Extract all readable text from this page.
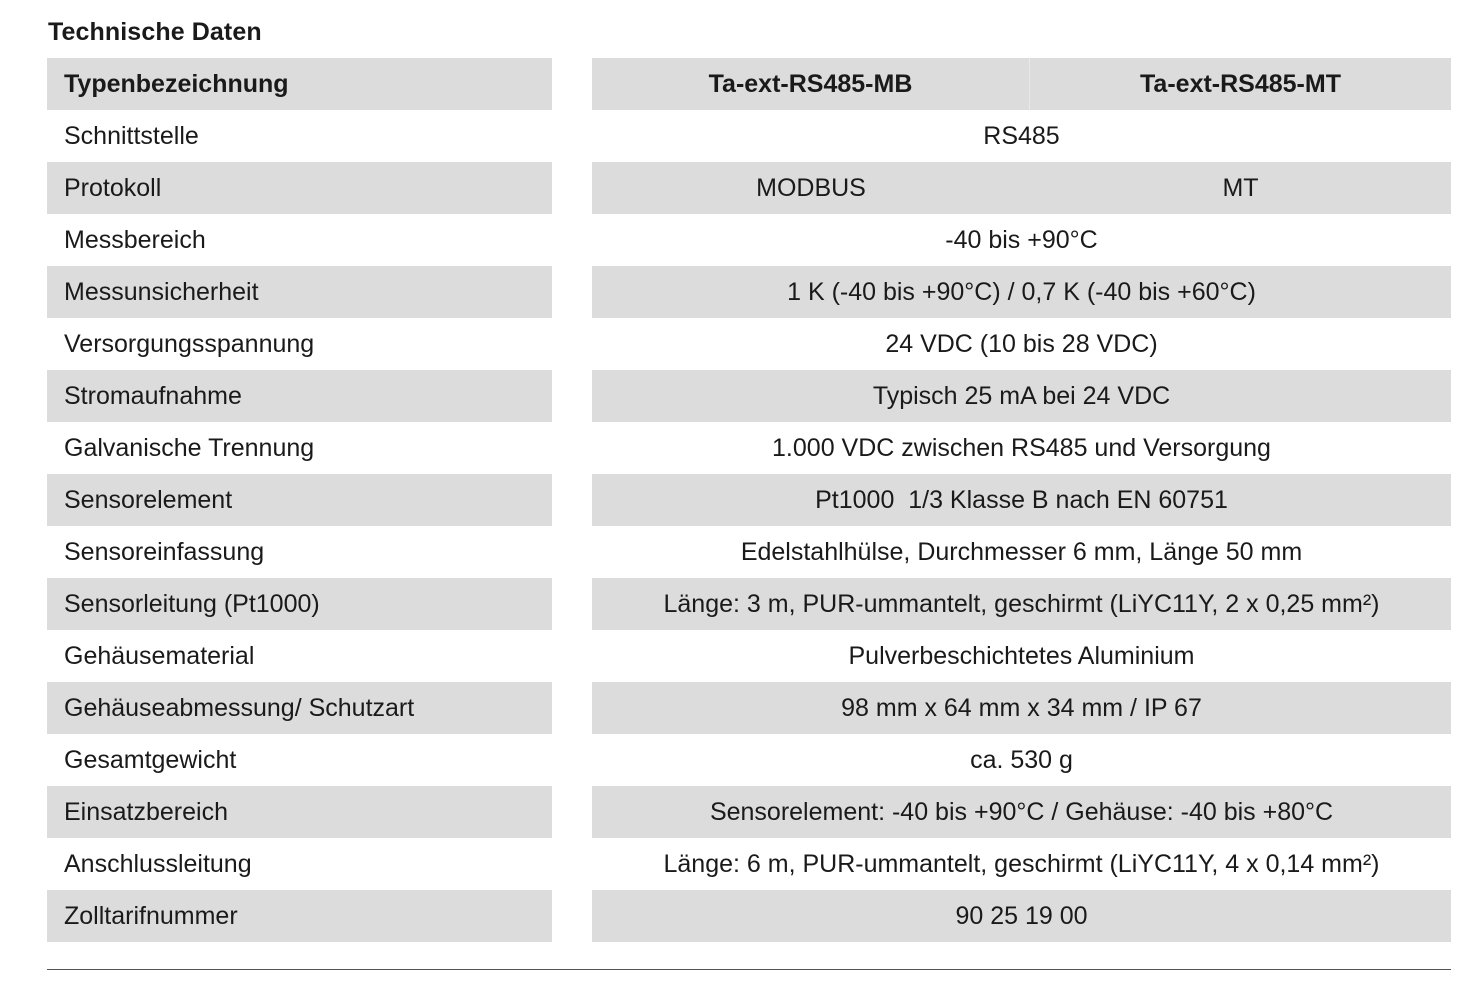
Technische Daten
Typenbezeichnung	Ta-ext-RS485-MB	Ta-ext-RS485-MT
Schnittstelle	RS485
Protokoll	MODBUS	MT
Messbereich	-40 bis +90°C
Messunsicherheit	1 K (-40 bis +90°C) / 0,7 K (-40 bis +60°C)
Versorgungsspannung	24 VDC (10 bis 28 VDC)
Stromaufnahme	Typisch 25 mA bei 24 VDC
Galvanische Trennung	1.000 VDC zwischen RS485 und Versorgung
Sensorelement	Pt1000  1/3 Klasse B nach EN 60751
Sensoreinfassung	Edelstahlhülse, Durchmesser 6 mm, Länge 50 mm
Sensorleitung (Pt1000)	Länge: 3 m, PUR-ummantelt, geschirmt (LiYC11Y, 2 x 0,25 mm²)
Gehäusematerial	Pulverbeschichtetes Aluminium
Gehäuseabmessung/ Schutzart	98 mm x 64 mm x 34 mm / IP 67
Gesamtgewicht	ca. 530 g
Einsatzbereich	Sensorelement: -40 bis +90°C / Gehäuse: -40 bis +80°C
Anschlussleitung	Länge: 6 m, PUR-ummantelt, geschirmt (LiYC11Y, 4 x 0,14 mm²)
Zolltarifnummer	90 25 19 00
